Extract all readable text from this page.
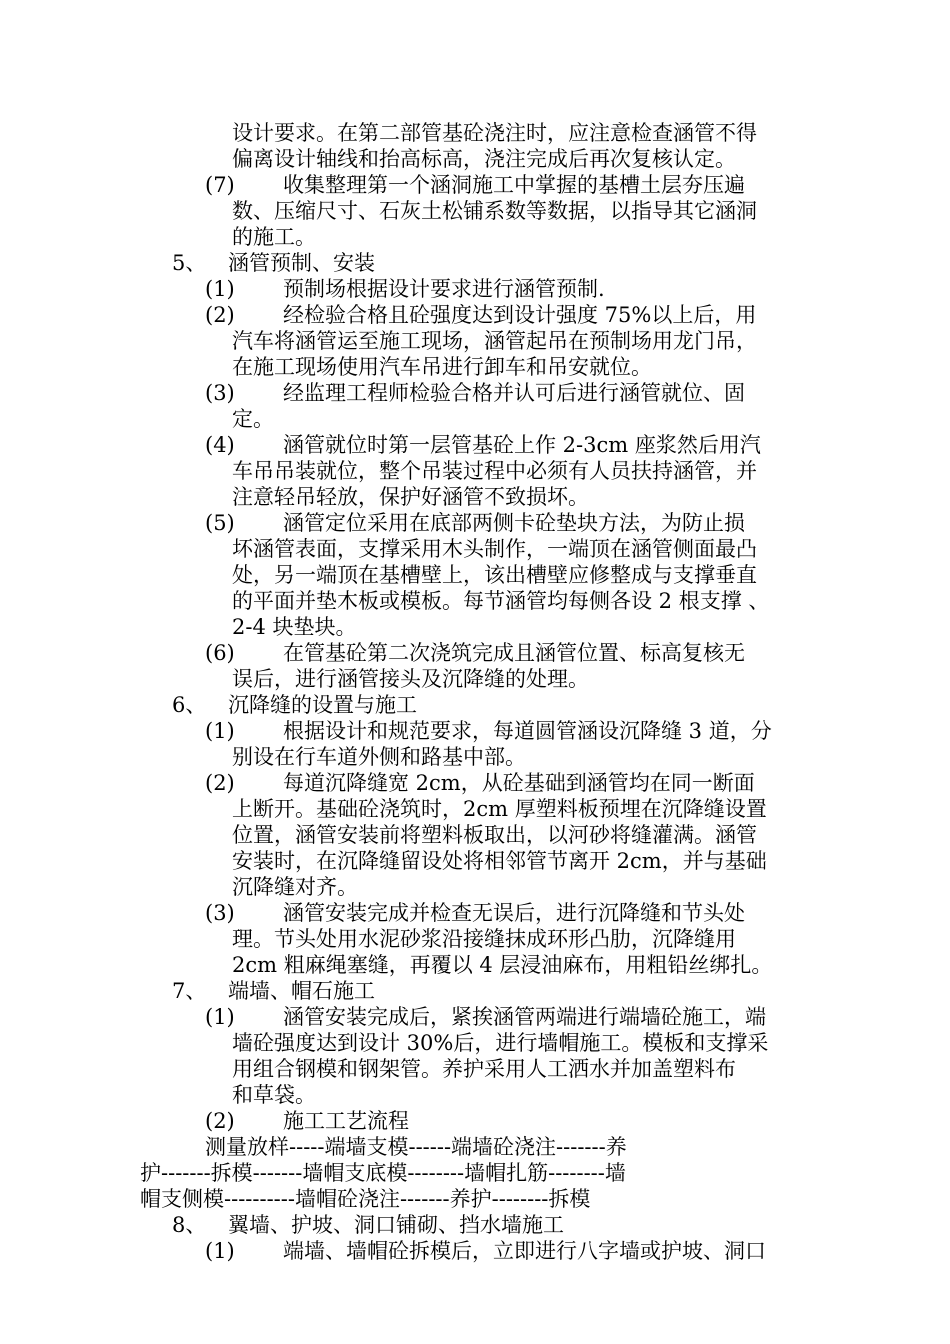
设计要求。在第二部管基砼浇注时，应注意检查涵管不得
偏离设计轴线和抬高标高，浇注完成后再次复核认定。
(7) 收集整理第一个涵洞施工中掌握的基槽土层夯压遍
数、压缩尺寸、石灰土松铺系数等数据，以指导其它涵洞
的施工。
5、 涵管预制、安装
(1) 预制场根据设计要求进行涵管预制.
(2) 经检验合格且砼强度达到设计强度 75%以上后，用
汽车将涵管运至施工现场，涵管起吊在预制场用龙门吊，
在施工现场使用汽车吊进行卸车和吊安就位。
(3) 经监理工程师检验合格并认可后进行涵管就位、固
定。
(4) 涵管就位时第一层管基砼上作 2-3cm 座浆然后用汽
车吊吊装就位，整个吊装过程中必须有人员扶持涵管，并
注意轻吊轻放，保护好涵管不致损坏。
(5) 涵管定位采用在底部两侧卡砼垫块方法，为防止损
坏涵管表面，支撑采用木头制作，一端顶在涵管侧面最凸
处，另一端顶在基槽壁上，该出槽壁应修整成与支撑垂直
的平面并垫木板或模板。每节涵管均每侧各设 2 根支撑 、
2-4 块垫块。
(6) 在管基砼第二次浇筑完成且涵管位置、标高复核无
误后，进行涵管接头及沉降缝的处理。
6、 沉降缝的设置与施工
(1) 根据设计和规范要求，每道圆管涵设沉降缝 3 道，分
别设在行车道外侧和路基中部。
(2) 每道沉降缝宽 2cm，从砼基础到涵管均在同一断面
上断开。基础砼浇筑时，2cm 厚塑料板预埋在沉降缝设置
位置，涵管安装前将塑料板取出，以河砂将缝灌满。涵管
安装时，在沉降缝留设处将相邻管节离开 2cm，并与基础
沉降缝对齐。
(3) 涵管安装完成并检查无误后，进行沉降缝和节头处
理。节头处用水泥砂浆沿接缝抹成环形凸肋，沉降缝用
2cm 粗麻绳塞缝，再覆以 4 层浸油麻布，用粗铅丝绑扎。
7、 端墙、帽石施工
(1) 涵管安装完成后，紧挨涵管两端进行端墙砼施工，端
墙砼强度达到设计 30%后，进行墙帽施工。模板和支撑采
用组合钢模和钢架管。养护采用人工洒水并加盖塑料布
和草袋。
(2) 施工工艺流程
测量放样-----端墙支模------端墙砼浇注-------养
护-------拆模-------墙帽支底模--------墙帽扎筋--------墙
帽支侧模----------墙帽砼浇注-------养护--------拆模
8、 翼墙、护坡、洞口铺砌、挡水墙施工
(1) 端墙、墙帽砼拆模后，立即进行八字墙或护坡、洞口
